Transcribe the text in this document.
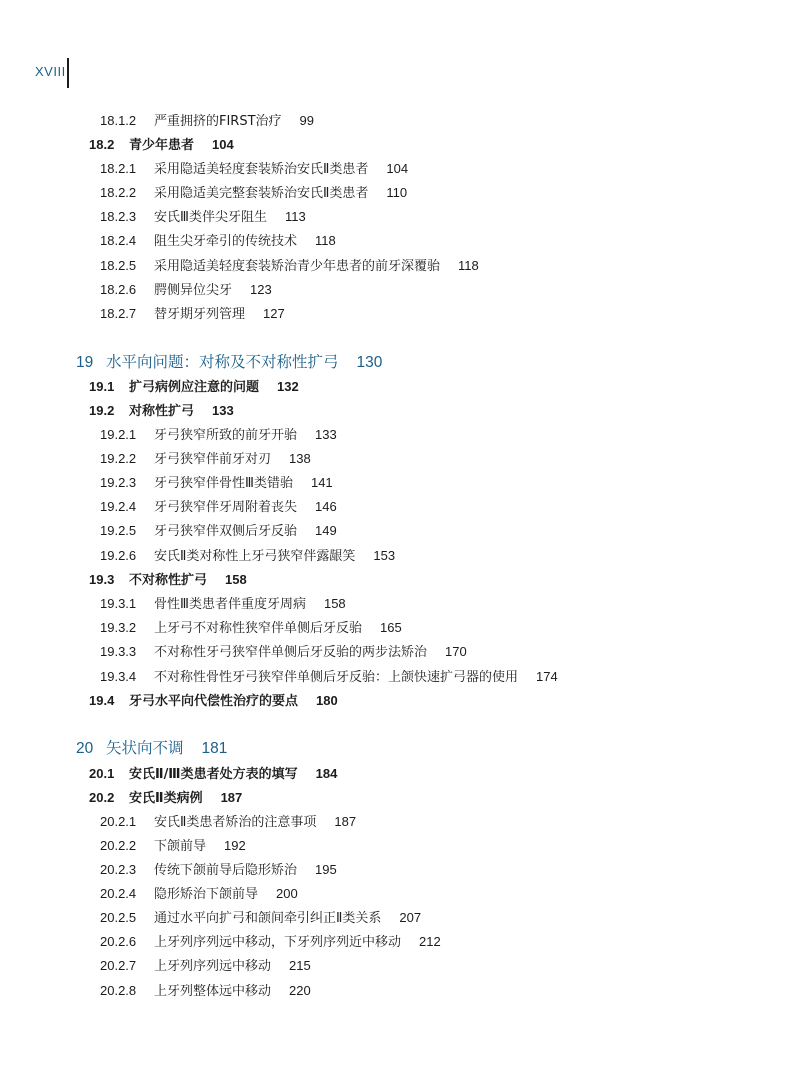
XVIII
18.1.2 严重拥挤的FIRST治疗 99
18.2 青少年患者 104
18.2.1 采用隐适美轻度套装矫治安氏Ⅱ类患者 104
18.2.2 采用隐适美完整套装矫治安氏Ⅱ类患者 110
18.2.3 安氏Ⅲ类伴尖牙阻生 113
18.2.4 阻生尖牙牵引的传统技术 118
18.2.5 采用隐适美轻度套装矫治青少年患者的前牙深覆骀 118
18.2.6 腭侧异位尖牙 123
18.2.7 替牙期牙列管理 127
19 水平向问题：对称及不对称性扩弓 130
19.1 扩弓病例应注意的问题 132
19.2 对称性扩弓 133
19.2.1 牙弓狭窄所致的前牙开骀 133
19.2.2 牙弓狭窄伴前牙对刃 138
19.2.3 牙弓狭窄伴骨性Ⅲ类错骀 141
19.2.4 牙弓狭窄伴牙周附着丧失 146
19.2.5 牙弓狭窄伴双侧后牙反骀 149
19.2.6 安氏Ⅱ类对称性上牙弓狭窄伴露龈笑 153
19.3 不对称性扩弓 158
19.3.1 骨性Ⅲ类患者伴重度牙周病 158
19.3.2 上牙弓不对称性狭窄伴单侧后牙反骀 165
19.3.3 不对称性牙弓狭窄伴单侧后牙反骀的两步法矫治 170
19.3.4 不对称性骨性牙弓狭窄伴单侧后牙反骀：上颌快速扩弓器的使用 174
19.4 牙弓水平向代偿性治疗的要点 180
20 矢状向不调 181
20.1 安氏Ⅱ/Ⅲ类患者处方表的填写 184
20.2 安氏Ⅱ类病例 187
20.2.1 安氏Ⅱ类患者矫治的注意事项 187
20.2.2 下颌前导 192
20.2.3 传统下颌前导后隐形矫治 195
20.2.4 隐形矫治下颌前导 200
20.2.5 通过水平向扩弓和颌间牵引纠正Ⅱ类关系 207
20.2.6 上牙列序列远中移动，下牙列序列近中移动 212
20.2.7 上牙列序列远中移动 215
20.2.8 上牙列整体远中移动 220
